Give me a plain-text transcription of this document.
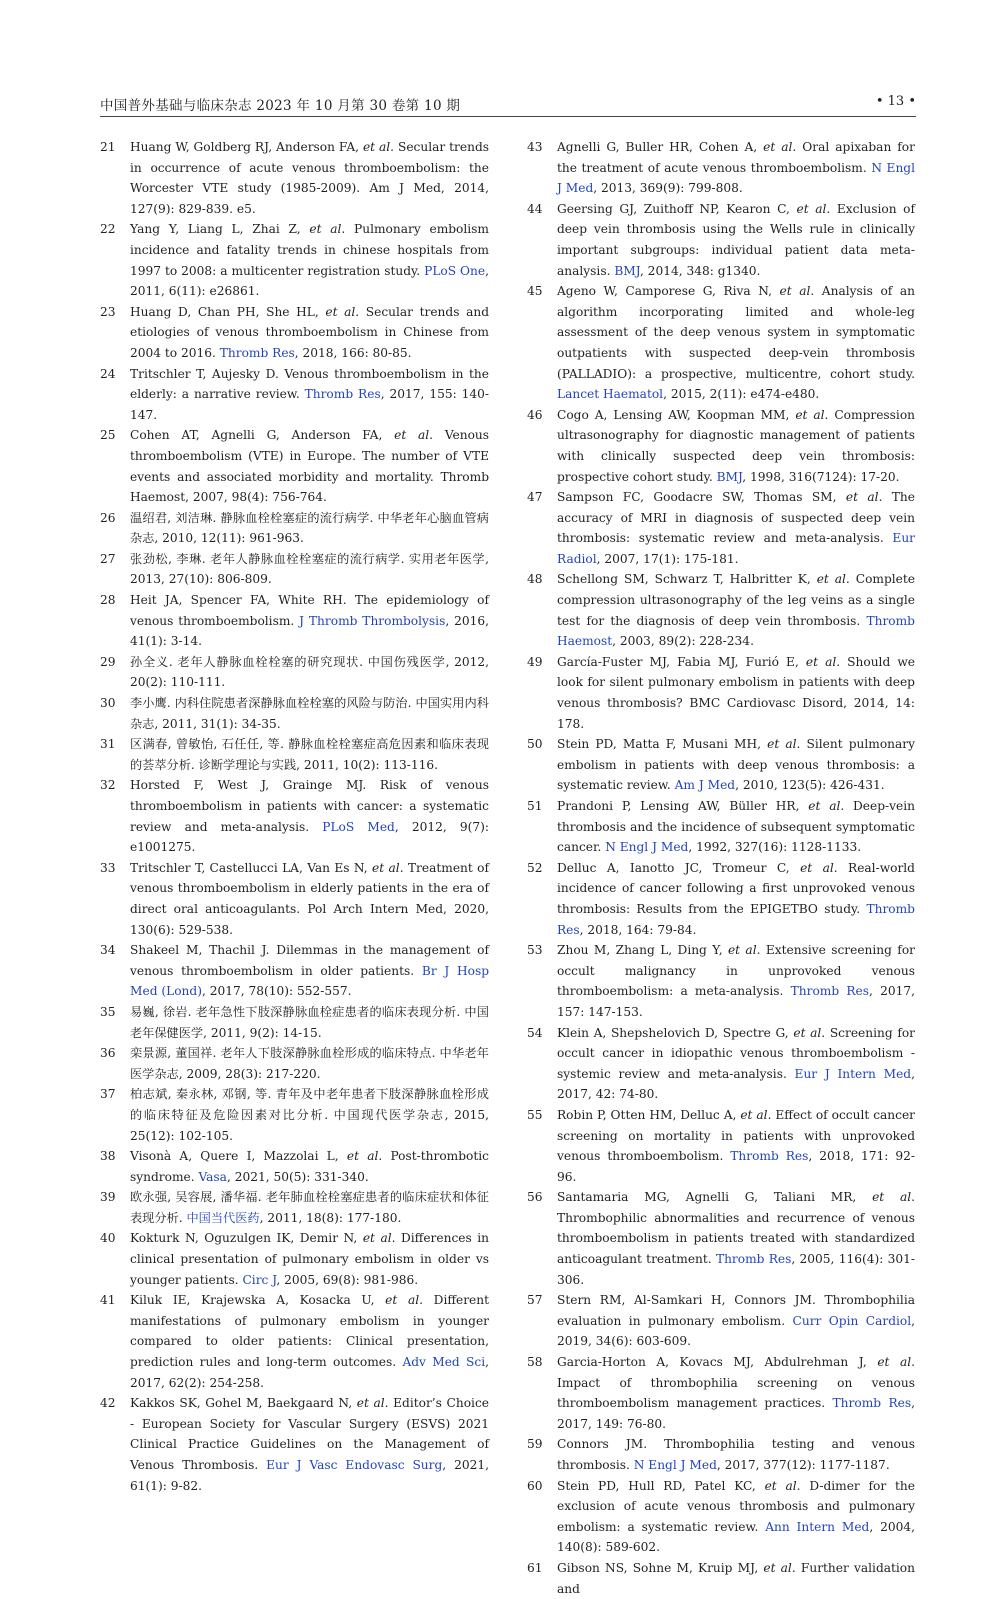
中国普外基础与临床杂志 2023 年 10 月第 30 卷第 10 期	• 13 •
21 Huang W, Goldberg RJ, Anderson FA, et al. Secular trends in occurrence of acute venous thromboembolism: the Worcester VTE study (1985-2009). Am J Med, 2014, 127(9): 829-839. e5.
22 Yang Y, Liang L, Zhai Z, et al. Pulmonary embolism incidence and fatality trends in chinese hospitals from 1997 to 2008: a multicenter registration study. PLoS One, 2011, 6(11): e26861.
23 Huang D, Chan PH, She HL, et al. Secular trends and etiologies of venous thromboembolism in Chinese from 2004 to 2016. Thromb Res, 2018, 166: 80-85.
24 Tritschler T, Aujesky D. Venous thromboembolism in the elderly: a narrative review. Thromb Res, 2017, 155: 140-147.
25 Cohen AT, Agnelli G, Anderson FA, et al. Venous thromboembolism (VTE) in Europe. The number of VTE events and associated morbidity and mortality. Thromb Haemost, 2007, 98(4): 756-764.
26 温绍君, 刘洁琳. 静脉血栓栓塞症的流行病学. 中华老年心脑血管病杂志, 2010, 12(11): 961-963.
27 张劲松, 李琳. 老年人静脉血栓栓塞症的流行病学. 实用老年医学, 2013, 27(10): 806-809.
28 Heit JA, Spencer FA, White RH. The epidemiology of venous thromboembolism. J Thromb Thrombolysis, 2016, 41(1): 3-14.
29 孙全义. 老年人静脉血栓栓塞的研究现状. 中国伤残医学, 2012, 20(2): 110-111.
30 李小鹰. 内科住院患者深静脉血栓栓塞的风险与防治. 中国实用内科杂志, 2011, 31(1): 34-35.
31 区满春, 曾敏怡, 石任任, 等. 静脉血栓栓塞症高危因素和临床表现的荟萃分析. 诊断学理论与实践, 2011, 10(2): 113-116.
32 Horsted F, West J, Grainge MJ. Risk of venous thromboembolism in patients with cancer: a systematic review and meta-analysis. PLoS Med, 2012, 9(7): e1001275.
33 Tritschler T, Castellucci LA, Van Es N, et al. Treatment of venous thromboembolism in elderly patients in the era of direct oral anticoagulants. Pol Arch Intern Med, 2020, 130(6): 529-538.
34 Shakeel M, Thachil J. Dilemmas in the management of venous thromboembolism in older patients. Br J Hosp Med (Lond), 2017, 78(10): 552-557.
35 易巍, 徐岩. 老年急性下肢深静脉血栓症患者的临床表现分析. 中国老年保健医学, 2011, 9(2): 14-15.
36 栾景源, 董国祥. 老年人下肢深静脉血栓形成的临床特点. 中华老年医学杂志, 2009, 28(3): 217-220.
37 柏志斌, 秦永林, 邓钢, 等. 青年及中老年患者下肢深静脉血栓形成的临床特征及危险因素对比分析. 中国现代医学杂志, 2015, 25(12): 102-105.
38 Visonà A, Quere I, Mazzolai L, et al. Post-thrombotic syndrome. Vasa, 2021, 50(5): 331-340.
39 欧永强, 吴容展, 潘华福. 老年肺血栓栓塞症患者的临床症状和体征表现分析. 中国当代医药, 2011, 18(8): 177-180.
40 Kokturk N, Oguzulgen IK, Demir N, et al. Differences in clinical presentation of pulmonary embolism in older vs younger patients. Circ J, 2005, 69(8): 981-986.
41 Kiluk IE, Krajewska A, Kosacka U, et al. Different manifestations of pulmonary embolism in younger compared to older patients: Clinical presentation, prediction rules and long-term outcomes. Adv Med Sci, 2017, 62(2): 254-258.
42 Kakkos SK, Gohel M, Baekgaard N, et al. Editor’s Choice - European Society for Vascular Surgery (ESVS) 2021 Clinical Practice Guidelines on the Management of Venous Thrombosis. Eur J Vasc Endovasc Surg, 2021, 61(1): 9-82.
43 Agnelli G, Buller HR, Cohen A, et al. Oral apixaban for the treatment of acute venous thromboembolism. N Engl J Med, 2013, 369(9): 799-808.
44 Geersing GJ, Zuithoff NP, Kearon C, et al. Exclusion of deep vein thrombosis using the Wells rule in clinically important subgroups: individual patient data meta-analysis. BMJ, 2014, 348: g1340.
45 Ageno W, Camporese G, Riva N, et al. Analysis of an algorithm incorporating limited and whole-leg assessment of the deep venous system in symptomatic outpatients with suspected deep-vein thrombosis (PALLADIO): a prospective, multicentre, cohort study. Lancet Haematol, 2015, 2(11): e474-e480.
46 Cogo A, Lensing AW, Koopman MM, et al. Compression ultrasonography for diagnostic management of patients with clinically suspected deep vein thrombosis: prospective cohort study. BMJ, 1998, 316(7124): 17-20.
47 Sampson FC, Goodacre SW, Thomas SM, et al. The accuracy of MRI in diagnosis of suspected deep vein thrombosis: systematic review and meta-analysis. Eur Radiol, 2007, 17(1): 175-181.
48 Schellong SM, Schwarz T, Halbritter K, et al. Complete compression ultrasonography of the leg veins as a single test for the diagnosis of deep vein thrombosis. Thromb Haemost, 2003, 89(2): 228-234.
49 García-Fuster MJ, Fabia MJ, Furió E, et al. Should we look for silent pulmonary embolism in patients with deep venous thrombosis? BMC Cardiovasc Disord, 2014, 14: 178.
50 Stein PD, Matta F, Musani MH, et al. Silent pulmonary embolism in patients with deep venous thrombosis: a systematic review. Am J Med, 2010, 123(5): 426-431.
51 Prandoni P, Lensing AW, Büller HR, et al. Deep-vein thrombosis and the incidence of subsequent symptomatic cancer. N Engl J Med, 1992, 327(16): 1128-1133.
52 Delluc A, Ianotto JC, Tromeur C, et al. Real-world incidence of cancer following a first unprovoked venous thrombosis: Results from the EPIGETBO study. Thromb Res, 2018, 164: 79-84.
53 Zhou M, Zhang L, Ding Y, et al. Extensive screening for occult malignancy in unprovoked venous thromboembolism: a meta-analysis. Thromb Res, 2017, 157: 147-153.
54 Klein A, Shepshelovich D, Spectre G, et al. Screening for occult cancer in idiopathic venous thromboembolism - systemic review and meta-analysis. Eur J Intern Med, 2017, 42: 74-80.
55 Robin P, Otten HM, Delluc A, et al. Effect of occult cancer screening on mortality in patients with unprovoked venous thromboembolism. Thromb Res, 2018, 171: 92-96.
56 Santamaria MG, Agnelli G, Taliani MR, et al. Thrombophilic abnormalities and recurrence of venous thromboembolism in patients treated with standardized anticoagulant treatment. Thromb Res, 2005, 116(4): 301-306.
57 Stern RM, Al-Samkari H, Connors JM. Thrombophilia evaluation in pulmonary embolism. Curr Opin Cardiol, 2019, 34(6): 603-609.
58 Garcia-Horton A, Kovacs MJ, Abdulrehman J, et al. Impact of thrombophilia screening on venous thromboembolism management practices. Thromb Res, 2017, 149: 76-80.
59 Connors JM. Thrombophilia testing and venous thrombosis. N Engl J Med, 2017, 377(12): 1177-1187.
60 Stein PD, Hull RD, Patel KC, et al. D-dimer for the exclusion of acute venous thrombosis and pulmonary embolism: a systematic review. Ann Intern Med, 2004, 140(8): 589-602.
61 Gibson NS, Sohne M, Kruip MJ, et al. Further validation and
